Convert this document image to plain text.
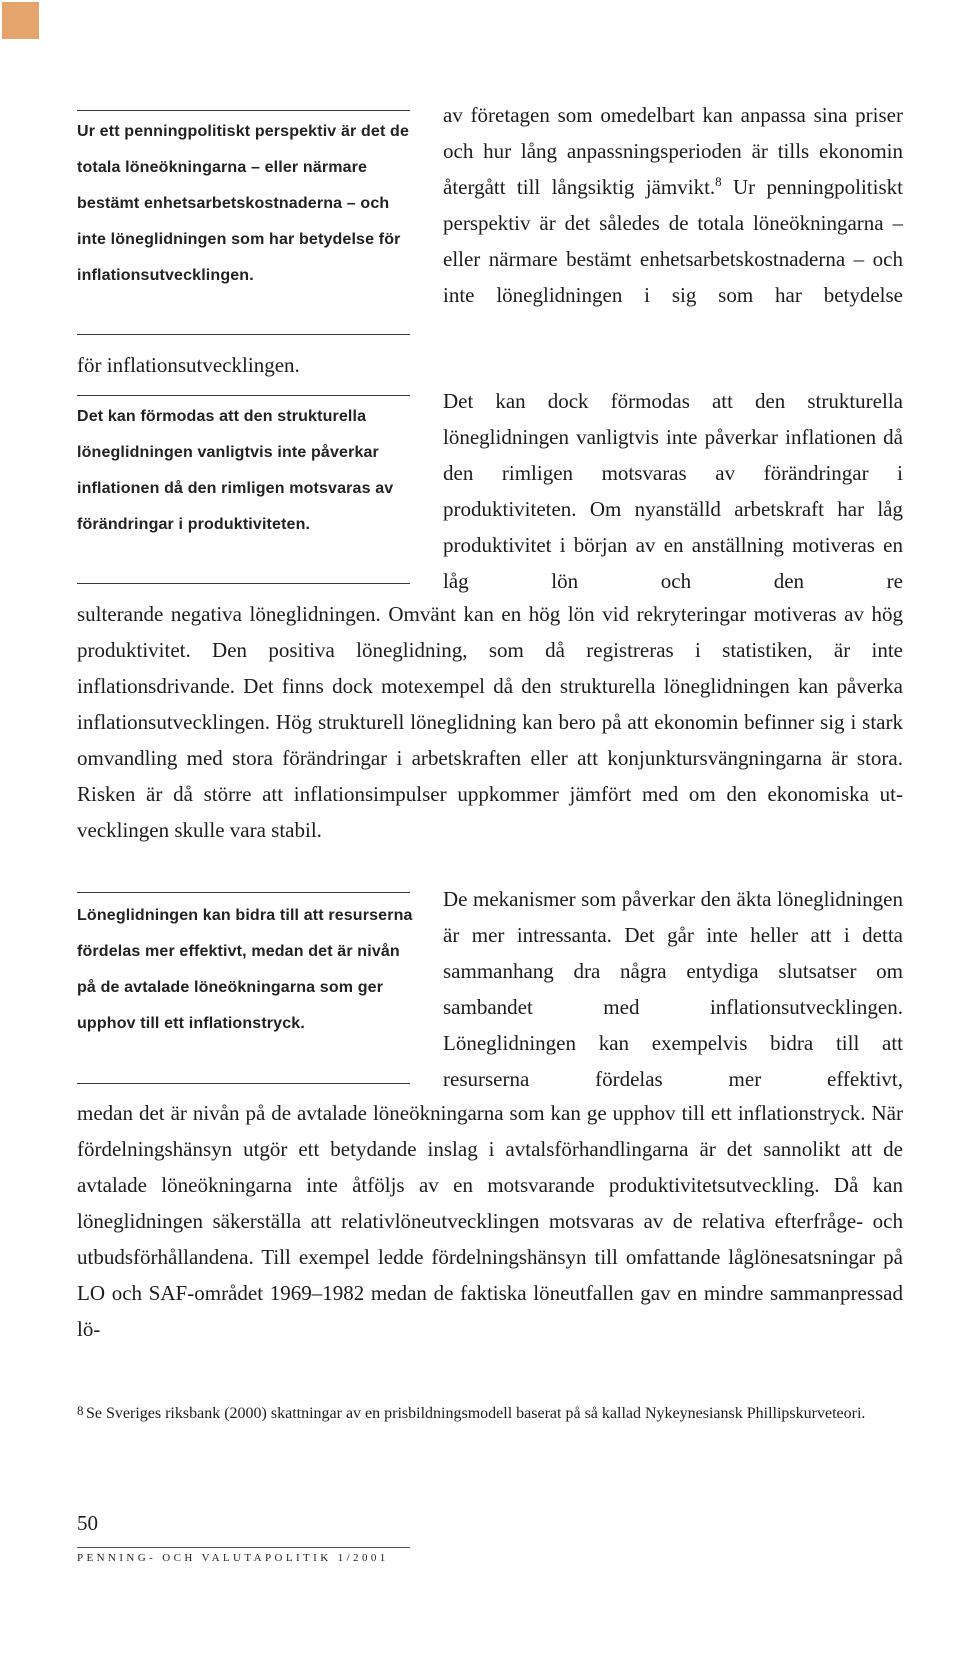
Ur ett penningpolitiskt perspektiv är det de totala löneökningarna – eller närmare bestämt enhetsarbetskostnaderna – och inte löneglidningen som har betydelse för inflationsutvecklingen.

av företagen som omedelbart kan anpassa sina priser och hur lång anpassningsperioden är tills ekonomin återgått till långsiktig jämvikt.$^8$ Ur penningpolitiskt perspektiv är det således de totala löneökningarna – eller närmare bestämt enhetsarbetskostnaderna – och inte löneglidningen i sig som har betydelse

för inflationsutvecklingen.

Det kan förmodas att den strukturella löneglidningen vanligtvis inte påverkar inflationen då den rimligen motsvaras av förändringar i produktiviteten.

Det kan dock förmodas att den strukturella löneglidningen vanligtvis inte påverkar inflationen då den rimligen motsvaras av förändringar i produktiviteten. Om nyanställd arbetskraft har låg produktivitet i början av en anställning motiveras en låg lön och den re

sulterande negativa löneglidningen. Omvänt kan en hög lön vid rekryteringar motiveras av hög produktivitet. Den positiva löneglidning, som då registreras i statistiken, är inte inflationsdrivande. Det finns dock motexempel då den strukturella löneglidningen kan påverka inflationsutvecklingen. Hög strukturell löneglidning kan bero på att ekonomin befinner sig i stark omvandling med stora förändringar i arbetskraften eller att konjunktursvängningarna är stora. Risken är då större att inflationsimpulser uppkommer jämfört med om den ekonomiska utvecklingen skulle vara stabil.

Löneglidningen kan bidra till att resurserna fördelas mer effektivt, medan det är nivån på de avtalade löneökningarna som ger upphov till ett inflationstryck.

De mekanismer som påverkar den äkta löneglidningen är mer intressanta. Det går inte heller att i detta sammanhang dra några entydiga slutsatser om sambandet med inflationsutvecklingen. Löneglidningen kan exempelvis bidra till att resurserna fördelas mer effektivt,

medan det är nivån på de avtalade löneökningarna som kan ge upphov till ett inflationstryck. När fördelningshänsyn utgör ett betydande inslag i avtalsförhandlingarna är det sannolikt att de avtalade löneökningarna inte åtföljs av en motsvarande produktivitetsutveckling. Då kan löneglidningen säkerställa att relativlöneutvecklingen motsvaras av de relativa efterfråge- och utbudsförhållandena. Till exempel ledde fördelningshänsyn till omfattande låglönesatsningar på LO och SAF-området 1969–1982 medan de faktiska löneutfallen gav en mindre sammanpressad lö-

8 Se Sveriges riksbank (2000) skattningar av en prisbildningsmodell baserat på så kallad Nykeynesiansk Phillipskurveteori.

50
PENNING- OCH VALUTAPOLITIK 1/2001
